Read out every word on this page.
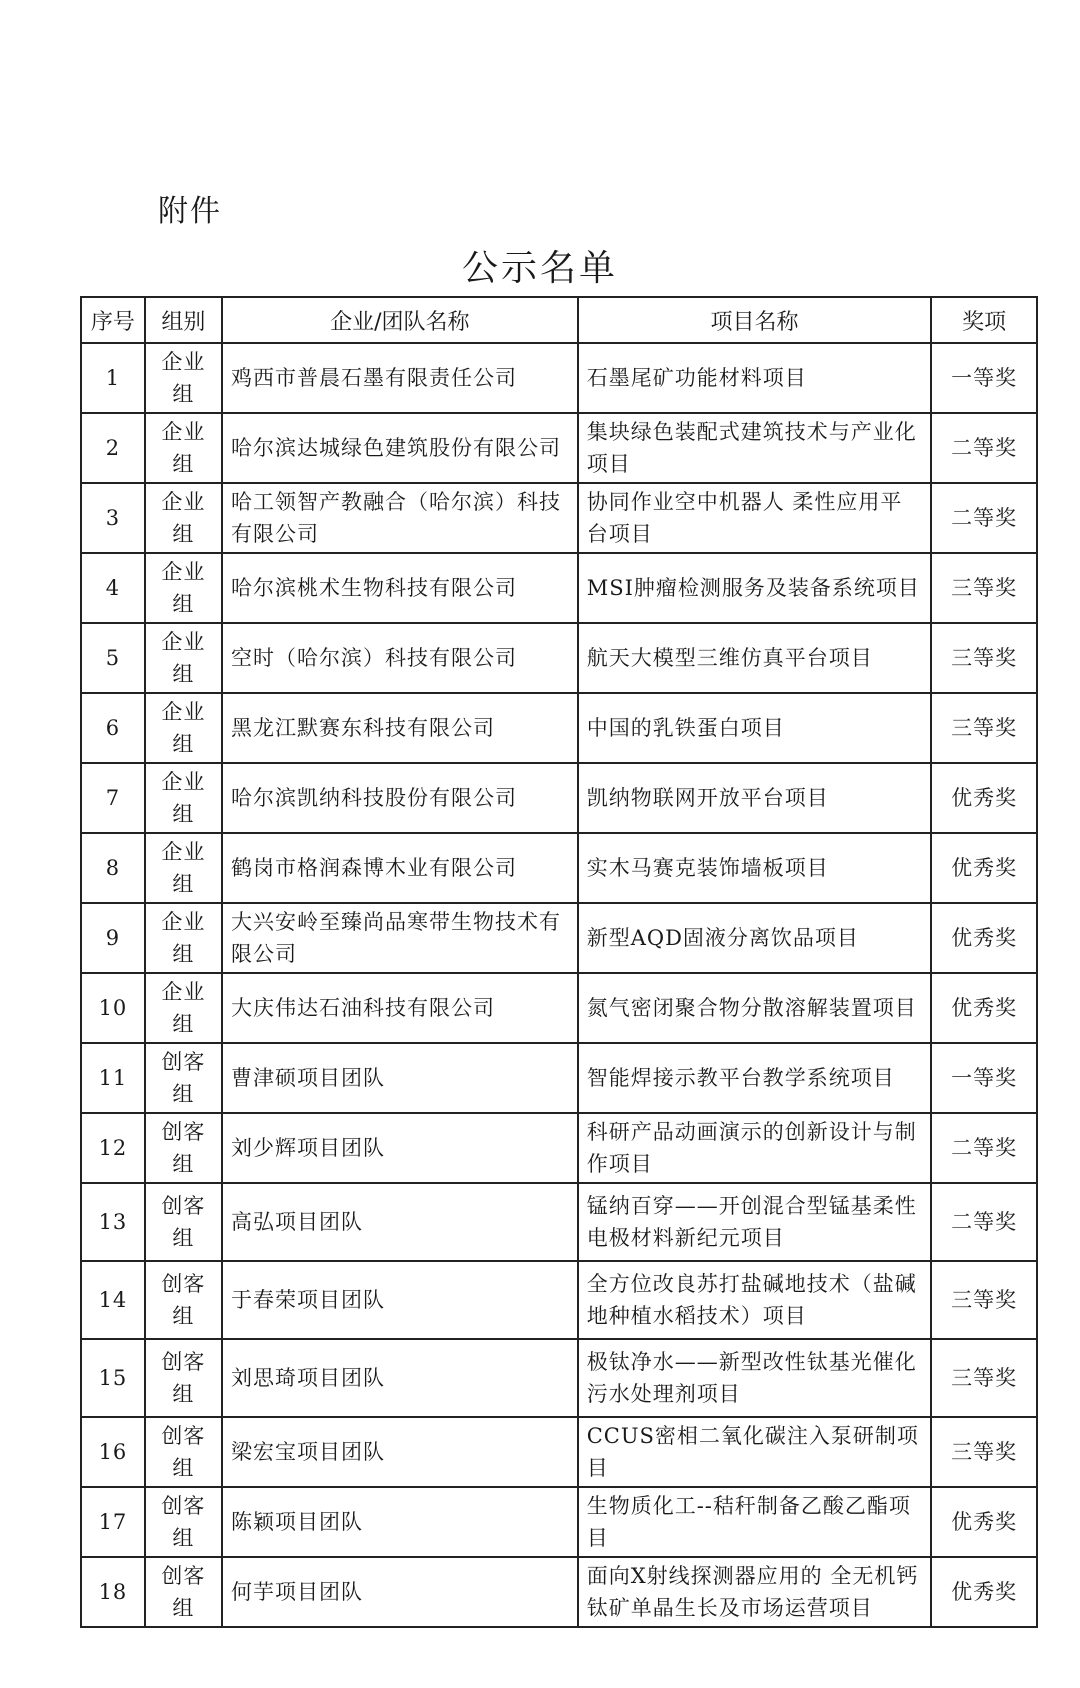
附件
公示名单
序号	组别	企业/团队名称	项目名称	奖项
1	企业组	鸡西市普晨石墨有限责任公司	石墨尾矿功能材料项目	一等奖
2	企业组	哈尔滨达城绿色建筑股份有限公司	集块绿色装配式建筑技术与产业化项目	二等奖
3	企业组	哈工领智产教融合（哈尔滨）科技有限公司	协同作业空中机器人 柔性应用平台项目	二等奖
4	企业组	哈尔滨桃术生物科技有限公司	MSI肿瘤检测服务及装备系统项目	三等奖
5	企业组	空时（哈尔滨）科技有限公司	航天大模型三维仿真平台项目	三等奖
6	企业组	黑龙江默赛东科技有限公司	中国的乳铁蛋白项目	三等奖
7	企业组	哈尔滨凯纳科技股份有限公司	凯纳物联网开放平台项目	优秀奖
8	企业组	鹤岗市格润森博木业有限公司	实木马赛克装饰墙板项目	优秀奖
9	企业组	大兴安岭至臻尚品寒带生物技术有限公司	新型AQD固液分离饮品项目	优秀奖
10	企业组	大庆伟达石油科技有限公司	氮气密闭聚合物分散溶解装置项目	优秀奖
11	创客组	曹津硕项目团队	智能焊接示教平台教学系统项目	一等奖
12	创客组	刘少辉项目团队	科研产品动画演示的创新设计与制作项目	二等奖
13	创客组	高弘项目团队	锰纳百穿——开创混合型锰基柔性电极材料新纪元项目	二等奖
14	创客组	于春荣项目团队	全方位改良苏打盐碱地技术（盐碱地种植水稻技术）项目	三等奖
15	创客组	刘思琦项目团队	极钛净水——新型改性钛基光催化污水处理剂项目	三等奖
16	创客组	梁宏宝项目团队	CCUS密相二氧化碳注入泵研制项目	三等奖
17	创客组	陈颖项目团队	生物质化工--秸秆制备乙酸乙酯项目	优秀奖
18	创客组	何芋项目团队	面向X射线探测器应用的 全无机钙钛矿单晶生长及市场运营项目	优秀奖
